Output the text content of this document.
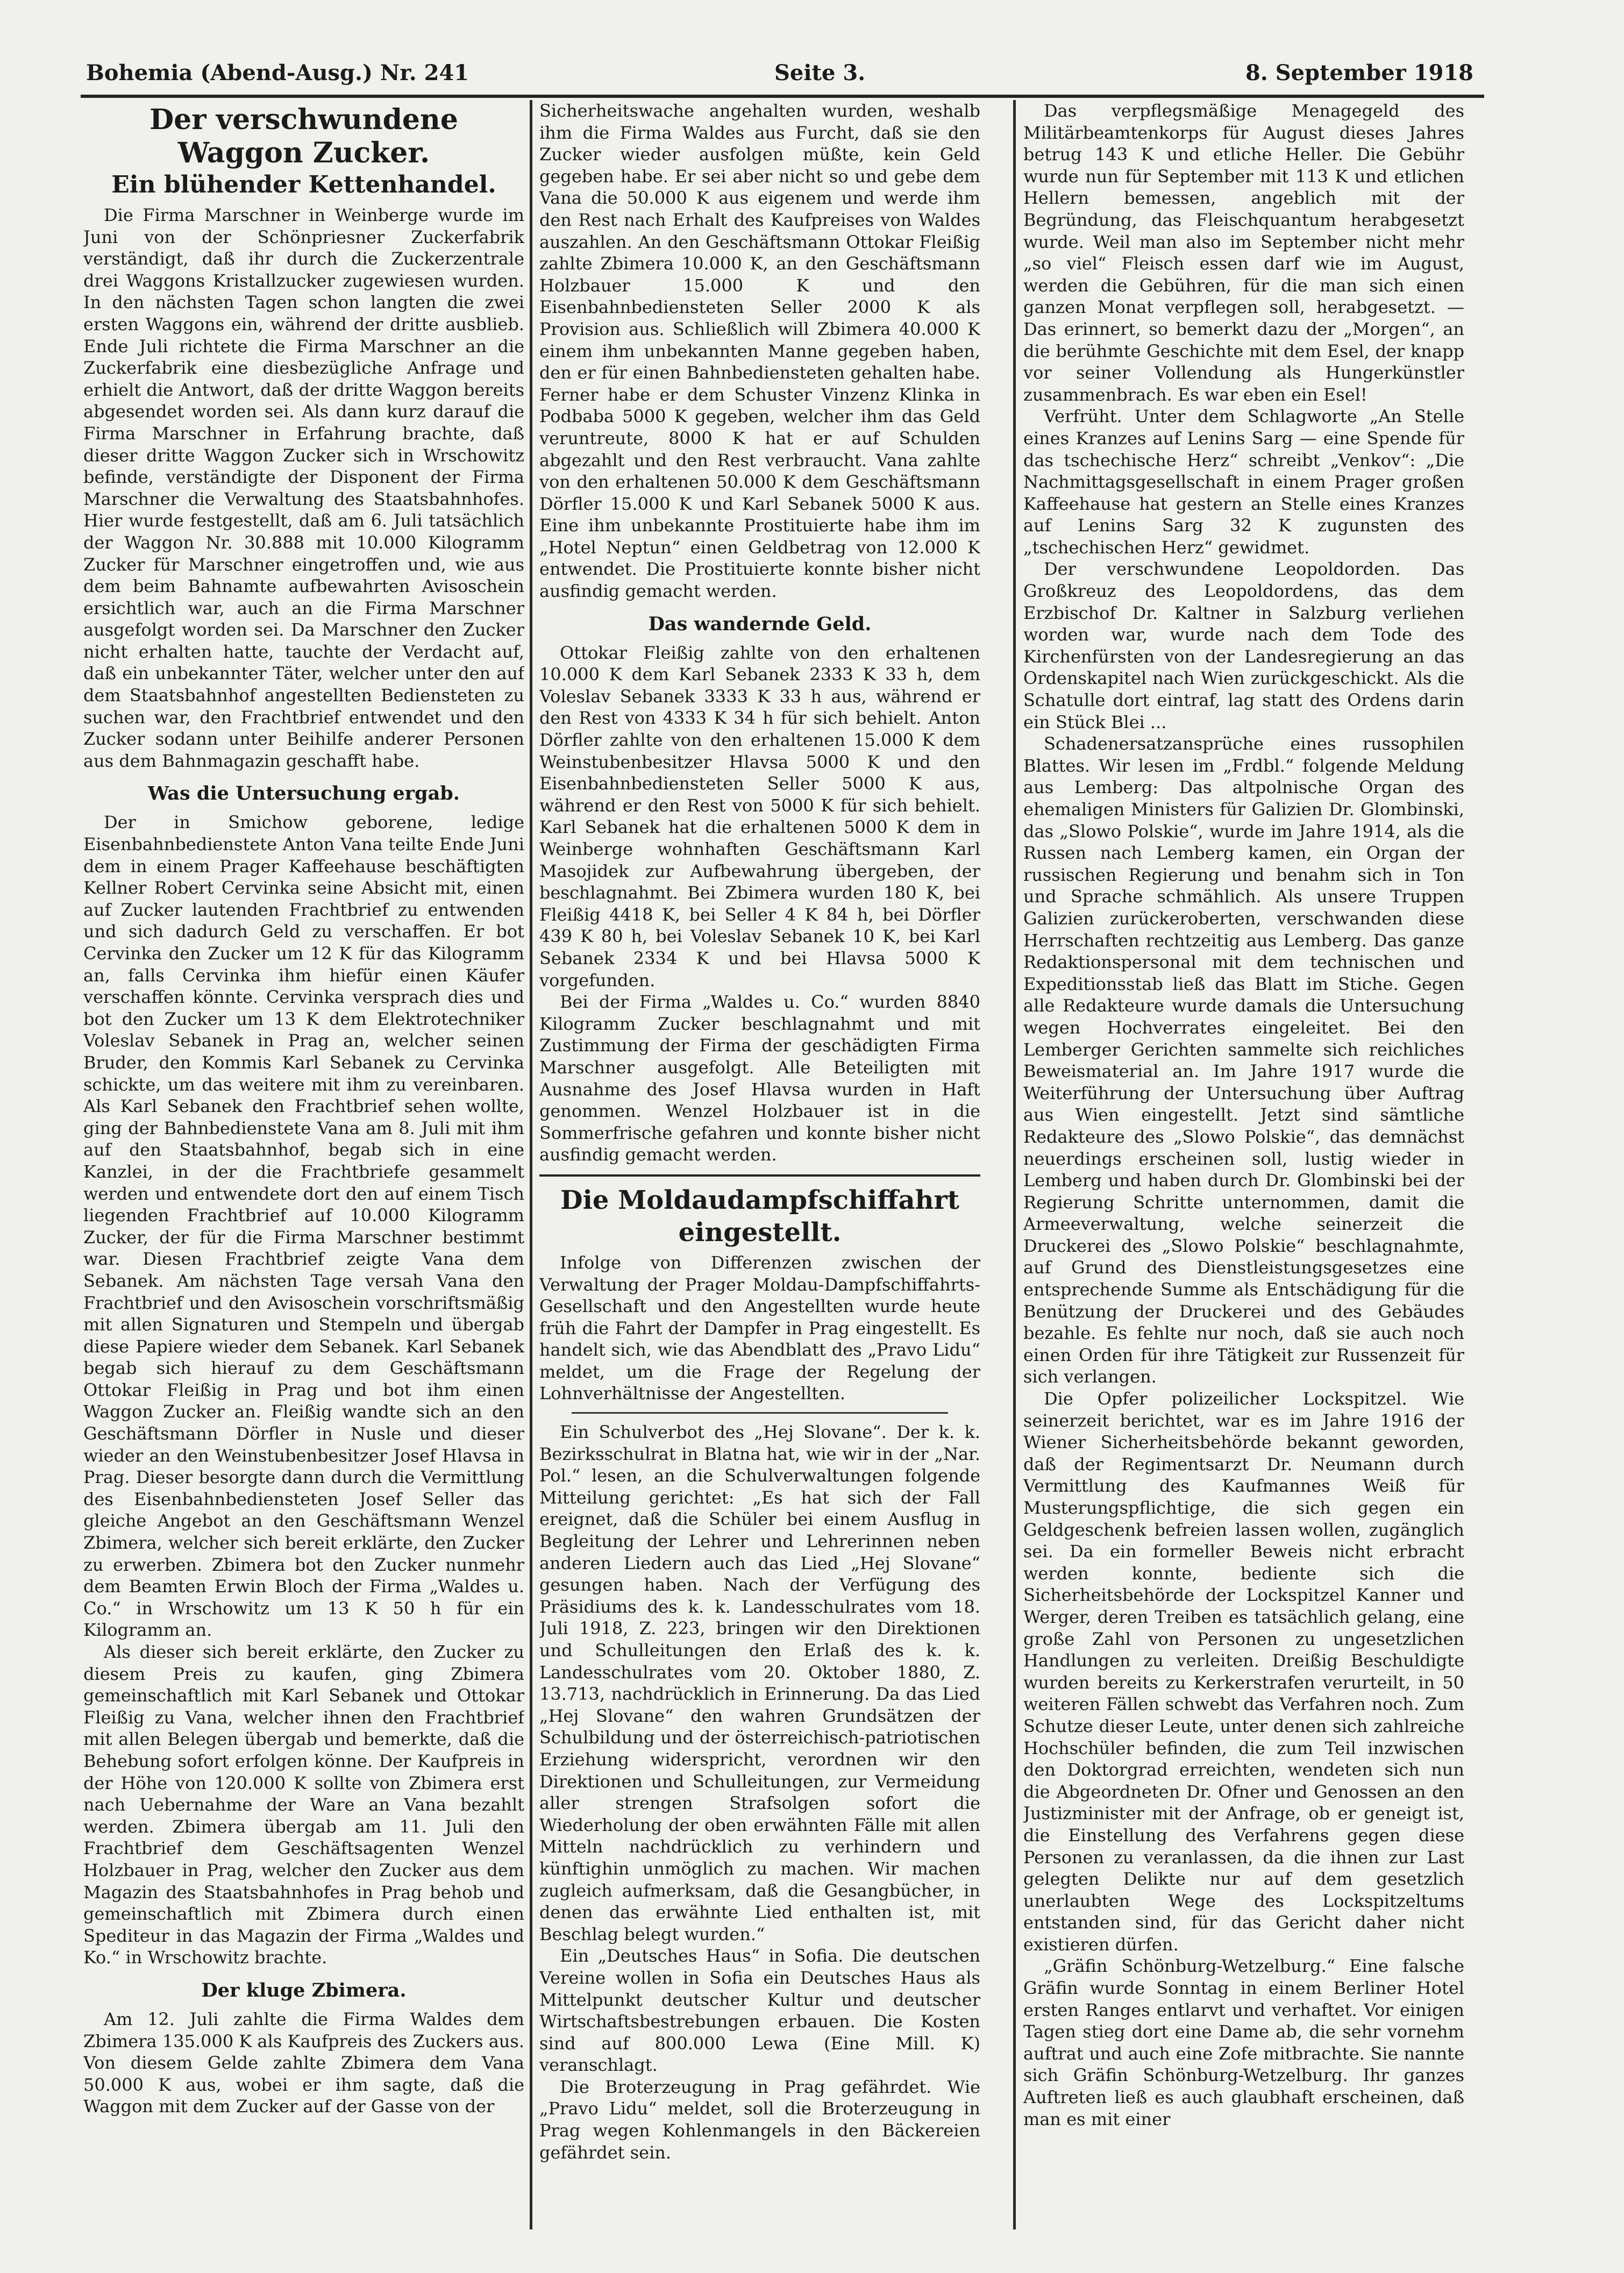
Bohemia (Abend-Ausg.) Nr. 241	Seite 3.	8. September 1918
Der verschwundene Waggon Zucker.
Ein blühender Kettenhandel.

Die Firma Marschner in Weinberge wurde im Juni von der Schönpriesner Zuckerfabrik verständigt, daß ihr durch die Zuckerzentrale drei Waggons Kristallzucker zugewiesen wurden. In den nächsten Tagen schon langten die zwei ersten Waggons ein, während der dritte ausblieb. Ende Juli richtete die Firma Marschner an die Zuckerfabrik eine diesbezügliche Anfrage und erhielt die Antwort, daß der dritte Waggon bereits abgesendet worden sei. Als dann kurz darauf die Firma Marschner in Erfahrung brachte, daß dieser dritte Waggon Zucker sich in Wrschowitz befinde, verständigte der Disponent der Firma Marschner die Verwaltung des Staatsbahnhofes. Hier wurde festgestellt, daß am 6. Juli tatsächlich der Waggon Nr. 30.888 mit 10.000 Kilogramm Zucker für Marschner eingetroffen und, wie aus dem beim Bahnamte aufbewahrten Avisoschein ersichtlich war, auch an die Firma Marschner ausgefolgt worden sei. Da Marschner den Zucker nicht erhalten hatte, tauchte der Verdacht auf, daß ein unbekannter Täter, welcher unter den auf dem Staatsbahnhof angestellten Bediensteten zu suchen war, den Frachtbrief entwendet und den Zucker sodann unter Beihilfe anderer Personen aus dem Bahnmagazin geschafft habe.

Was die Untersuchung ergab.

Der in Smichow geborene, ledige Eisenbahnbedienstete Anton Vana teilte Ende Juni dem in einem Prager Kaffeehause beschäftigten Kellner Robert Cervinka seine Absicht mit, einen auf Zucker lautenden Frachtbrief zu entwenden und sich dadurch Geld zu verschaffen. Er bot Cervinka den Zucker um 12 K für das Kilogramm an, falls Cervinka ihm hiefür einen Käufer verschaffen könnte. Cervinka versprach dies und bot den Zucker um 13 K dem Elektrotechniker Voleslav Sebanek in Prag an, welcher seinen Bruder, den Kommis Karl Sebanek zu Cervinka schickte, um das weitere mit ihm zu vereinbaren. Als Karl Sebanek den Frachtbrief sehen wollte, ging der Bahnbedienstete Vana am 8. Juli mit ihm auf den Staatsbahnhof, begab sich in eine Kanzlei, in der die Frachtbriefe gesammelt werden und entwendete dort den auf einem Tisch liegenden Frachtbrief auf 10.000 Kilogramm Zucker, der für die Firma Marschner bestimmt war. Diesen Frachtbrief zeigte Vana dem Sebanek. Am nächsten Tage versah Vana den Frachtbrief und den Avisoschein vorschriftsmäßig mit allen Signaturen und Stempeln und übergab diese Papiere wieder dem Sebanek. Karl Sebanek begab sich hierauf zu dem Geschäftsmann Ottokar Fleißig in Prag und bot ihm einen Waggon Zucker an. Fleißig wandte sich an den Geschäftsmann Dörfler in Nusle und dieser wieder an den Weinstubenbesitzer Josef Hlavsa in Prag. Dieser besorgte dann durch die Vermittlung des Eisenbahnbediensteten Josef Seller das gleiche Angebot an den Geschäftsmann Wenzel Zbimera, welcher sich bereit erklärte, den Zucker zu erwerben. Zbimera bot den Zucker nunmehr dem Beamten Erwin Bloch der Firma „Waldes u. Co.“ in Wrschowitz um 13 K 50 h für ein Kilogramm an.

Als dieser sich bereit erklärte, den Zucker zu diesem Preis zu kaufen, ging Zbimera gemeinschaftlich mit Karl Sebanek und Ottokar Fleißig zu Vana, welcher ihnen den Frachtbrief mit allen Belegen übergab und bemerkte, daß die Behebung sofort erfolgen könne. Der Kaufpreis in der Höhe von 120.000 K sollte von Zbimera erst nach Uebernahme der Ware an Vana bezahlt werden. Zbimera übergab am 11. Juli den Frachtbrief dem Geschäftsagenten Wenzel Holzbauer in Prag, welcher den Zucker aus dem Magazin des Staatsbahnhofes in Prag behob und gemeinschaftlich mit Zbimera durch einen Spediteur in das Magazin der Firma „Waldes und Ko.“ in Wrschowitz brachte.

Der kluge Zbimera.

Am 12. Juli zahlte die Firma Waldes dem Zbimera 135.000 K als Kaufpreis des Zuckers aus. Von diesem Gelde zahlte Zbimera dem Vana 50.000 K aus, wobei er ihm sagte, daß die Waggon mit dem Zucker auf der Gasse von der

Sicherheitswache angehalten wurden, weshalb ihm die Firma Waldes aus Furcht, daß sie den Zucker wieder ausfolgen müßte, kein Geld gegeben habe. Er sei aber nicht so und gebe dem Vana die 50.000 K aus eigenem und werde ihm den Rest nach Erhalt des Kaufpreises von Waldes auszahlen. An den Geschäftsmann Ottokar Fleißig zahlte Zbimera 10.000 K, an den Geschäftsmann Holzbauer 15.000 K und den Eisenbahnbediensteten Seller 2000 K als Provision aus. Schließlich will Zbimera 40.000 K einem ihm unbekannten Manne gegeben haben, den er für einen Bahnbediensteten gehalten habe. Ferner habe er dem Schuster Vinzenz Klinka in Podbaba 5000 K gegeben, welcher ihm das Geld veruntreute, 8000 K hat er auf Schulden abgezahlt und den Rest verbraucht. Vana zahlte von den erhaltenen 50.000 K dem Geschäftsmann Dörfler 15.000 K und Karl Sebanek 5000 K aus. Eine ihm unbekannte Prostituierte habe ihm im „Hotel Neptun“ einen Geldbetrag von 12.000 K entwendet. Die Prostituierte konnte bisher nicht ausfindig gemacht werden.

Das wandernde Geld.

Ottokar Fleißig zahlte von den erhaltenen 10.000 K dem Karl Sebanek 2333 K 33 h, dem Voleslav Sebanek 3333 K 33 h aus, während er den Rest von 4333 K 34 h für sich behielt. Anton Dörfler zahlte von den erhaltenen 15.000 K dem Weinstubenbesitzer Hlavsa 5000 K und den Eisenbahnbediensteten Seller 5000 K aus, während er den Rest von 5000 K für sich behielt. Karl Sebanek hat die erhaltenen 5000 K dem in Weinberge wohnhaften Geschäftsmann Karl Masojidek zur Aufbewahrung übergeben, der beschlagnahmt. Bei Zbimera wurden 180 K, bei Fleißig 4418 K, bei Seller 4 K 84 h, bei Dörfler 439 K 80 h, bei Voleslav Sebanek 10 K, bei Karl Sebanek 2334 K und bei Hlavsa 5000 K vorgefunden.

Bei der Firma „Waldes u. Co.“ wurden 8840 Kilogramm Zucker beschlagnahmt und mit Zustimmung der Firma der geschädigten Firma Marschner ausgefolgt. Alle Beteiligten mit Ausnahme des Josef Hlavsa wurden in Haft genommen. Wenzel Holzbauer ist in die Sommerfrische gefahren und konnte bisher nicht ausfindig gemacht werden.

Die Moldaudampfschiffahrt eingestellt.

Infolge von Differenzen zwischen der Verwaltung der Prager Moldau-Dampfschiffahrts-Gesellschaft und den Angestellten wurde heute früh die Fahrt der Dampfer in Prag eingestellt. Es handelt sich, wie das Abendblatt des „Pravo Lidu“ meldet, um die Frage der Regelung der Lohnverhältnisse der Angestellten.

Ein Schulverbot des „Hej Slovane“. Der k. k. Bezirksschulrat in Blatna hat, wie wir in der „Nar. Pol.“ lesen, an die Schulverwaltungen folgende Mitteilung gerichtet: „Es hat sich der Fall ereignet, daß die Schüler bei einem Ausflug in Begleitung der Lehrer und Lehrerinnen neben anderen Liedern auch das Lied „Hej Slovane“ gesungen haben. Nach der Verfügung des Präsidiums des k. k. Landesschulrates vom 18. Juli 1918, Z. 223, bringen wir den Direktionen und Schulleitungen den Erlaß des k. k. Landesschulrates vom 20. Oktober 1880, Z. 13.713, nachdrücklich in Erinnerung. Da das Lied „Hej Slovane“ den wahren Grundsätzen der Schulbildung und der österreichisch-patriotischen Erziehung widerspricht, verordnen wir den Direktionen und Schulleitungen, zur Vermeidung aller strengen Strafsolgen sofort die Wiederholung der oben erwähnten Fälle mit allen Mitteln nachdrücklich zu verhindern und künftighin unmöglich zu machen. Wir machen zugleich aufmerksam, daß die Gesangbücher, in denen das erwähnte Lied enthalten ist, mit Beschlag belegt wurden.“

Ein „Deutsches Haus“ in Sofia. Die deutschen Vereine wollen in Sofia ein Deutsches Haus als Mittelpunkt deutscher Kultur und deutscher Wirtschaftsbestrebungen erbauen. Die Kosten sind auf 800.000 Lewa (Eine Mill. K) veranschlagt.

Die Broterzeugung in Prag gefährdet. Wie „Pravo Lidu“ meldet, soll die Broterzeugung in Prag wegen Kohlenmangels in den Bäckereien gefährdet sein.

Das verpflegsmäßige Menagegeld des Militärbeamtenkorps für August dieses Jahres betrug 143 K und etliche Heller. Die Gebühr wurde nun für September mit 113 K und etlichen Hellern bemessen, angeblich mit der Begründung, das Fleischquantum herabgesetzt wurde. Weil man also im September nicht mehr „so viel“ Fleisch essen darf wie im August, werden die Gebühren, für die man sich einen ganzen Monat verpflegen soll, herabgesetzt. — Das erinnert, so bemerkt dazu der „Morgen“, an die berühmte Geschichte mit dem Esel, der knapp vor seiner Vollendung als Hungerkünstler zusammenbrach. Es war eben ein Esel!

Verfrüht. Unter dem Schlagworte „An Stelle eines Kranzes auf Lenins Sarg — eine Spende für das tschechische Herz“ schreibt „Venkov“: „Die Nachmittagsgesellschaft in einem Prager großen Kaffeehause hat gestern an Stelle eines Kranzes auf Lenins Sarg 32 K zugunsten des „tschechischen Herz“ gewidmet.

Der verschwundene Leopoldorden. Das Großkreuz des Leopoldordens, das dem Erzbischof Dr. Kaltner in Salzburg verliehen worden war, wurde nach dem Tode des Kirchenfürsten von der Landesregierung an das Ordenskapitel nach Wien zurückgeschickt. Als die Schatulle dort eintraf, lag statt des Ordens darin ein Stück Blei ...

Schadenersatzansprüche eines russophilen Blattes. Wir lesen im „Frdbl.“ folgende Meldung aus Lemberg: Das altpolnische Organ des ehemaligen Ministers für Galizien Dr. Glombinski, das „Slowo Polskie“, wurde im Jahre 1914, als die Russen nach Lemberg kamen, ein Organ der russischen Regierung und benahm sich in Ton und Sprache schmählich. Als unsere Truppen Galizien zurückeroberten, verschwanden diese Herrschaften rechtzeitig aus Lemberg. Das ganze Redaktionspersonal mit dem technischen und Expeditionsstab ließ das Blatt im Stiche. Gegen alle Redakteure wurde damals die Untersuchung wegen Hochverrates eingeleitet. Bei den Lemberger Gerichten sammelte sich reichliches Beweismaterial an. Im Jahre 1917 wurde die Weiterführung der Untersuchung über Auftrag aus Wien eingestellt. Jetzt sind sämtliche Redakteure des „Slowo Polskie“, das demnächst neuerdings erscheinen soll, lustig wieder in Lemberg und haben durch Dr. Glombinski bei der Regierung Schritte unternommen, damit die Armeeverwaltung, welche seinerzeit die Druckerei des „Slowo Polskie“ beschlagnahmte, auf Grund des Dienstleistungsgesetzes eine entsprechende Summe als Entschädigung für die Benützung der Druckerei und des Gebäudes bezahle. Es fehlte nur noch, daß sie auch noch einen Orden für ihre Tätigkeit zur Russenzeit für sich verlangen.

Die Opfer polizeilicher Lockspitzel. Wie seinerzeit berichtet, war es im Jahre 1916 der Wiener Sicherheitsbehörde bekannt geworden, daß der Regimentsarzt Dr. Neumann durch Vermittlung des Kaufmannes Weiß für Musterungspflichtige, die sich gegen ein Geldgeschenk befreien lassen wollen, zugänglich sei. Da ein formeller Beweis nicht erbracht werden konnte, bediente sich die Sicherheitsbehörde der Lockspitzel Kanner und Werger, deren Treiben es tatsächlich gelang, eine große Zahl von Personen zu ungesetzlichen Handlungen zu verleiten. Dreißig Beschuldigte wurden bereits zu Kerkerstrafen verurteilt, in 50 weiteren Fällen schwebt das Verfahren noch. Zum Schutze dieser Leute, unter denen sich zahlreiche Hochschüler befinden, die zum Teil inzwischen den Doktorgrad erreichten, wendeten sich nun die Abgeordneten Dr. Ofner und Genossen an den Justizminister mit der Anfrage, ob er geneigt ist, die Einstellung des Verfahrens gegen diese Personen zu veranlassen, da die ihnen zur Last gelegten Delikte nur auf dem gesetzlich unerlaubten Wege des Lockspitzeltums entstanden sind, für das Gericht daher nicht existieren dürfen.

„Gräfin Schönburg-Wetzelburg.“ Eine falsche Gräfin wurde Sonntag in einem Berliner Hotel ersten Ranges entlarvt und verhaftet. Vor einigen Tagen stieg dort eine Dame ab, die sehr vornehm auftrat und auch eine Zofe mitbrachte. Sie nannte sich Gräfin Schönburg-Wetzelburg. Ihr ganzes Auftreten ließ es auch glaubhaft erscheinen, daß man es mit einer
